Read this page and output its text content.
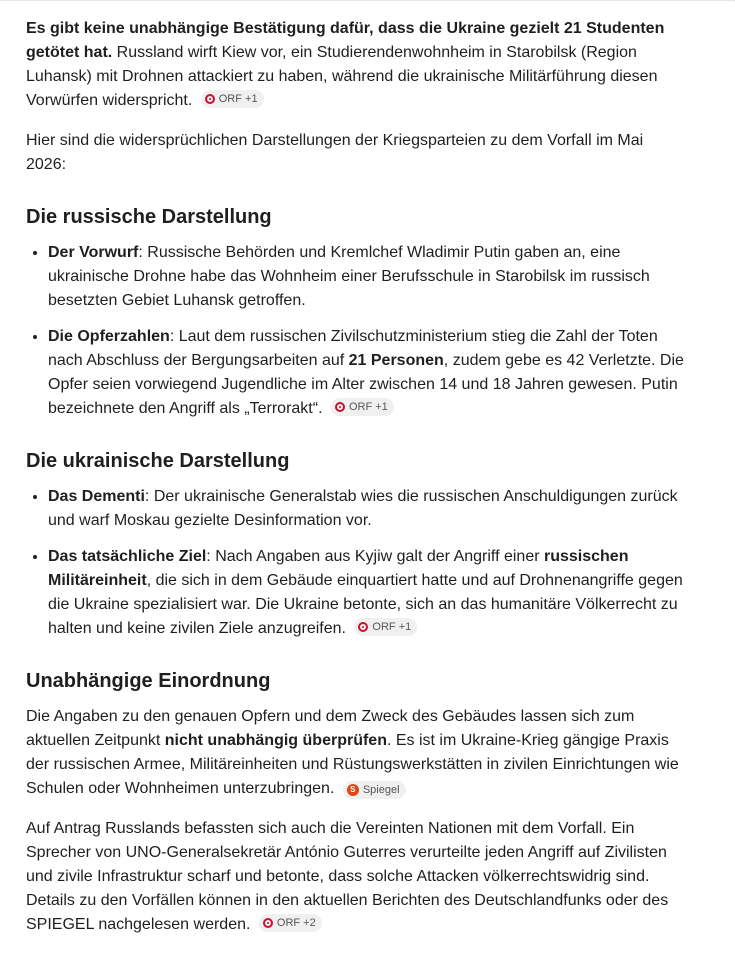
Es gibt keine unabhängige Bestätigung dafür, dass die Ukraine gezielt 21 Studenten getötet hat. Russland wirft Kiew vor, ein Studierendenwohnheim in Starobilsk (Region Luhansk) mit Drohnen attackiert zu haben, während die ukrainische Militärführung diesen Vorwürfen widerspricht. ORF +1

Hier sind die widersprüchlichen Darstellungen der Kriegsparteien zu dem Vorfall im Mai 2026:

Die russische Darstellung
• Der Vorwurf: Russische Behörden und Kremlchef Wladimir Putin gaben an, eine ukrainische Drohne habe das Wohnheim einer Berufsschule in Starobilsk im russisch besetzten Gebiet Luhansk getroffen.
• Die Opferzahlen: Laut dem russischen Zivilschutzministerium stieg die Zahl der Toten nach Abschluss der Bergungsarbeiten auf 21 Personen, zudem gebe es 42 Verletzte. Die Opfer seien vorwiegend Jugendliche im Alter zwischen 14 und 18 Jahren gewesen. Putin bezeichnete den Angriff als „Terrorakt“. ORF +1
Die ukrainische Darstellung
• Das Dementi: Der ukrainische Generalstab wies die russischen Anschuldigungen zurück und warf Moskau gezielte Desinformation vor.
• Das tatsächliche Ziel: Nach Angaben aus Kyjiw galt der Angriff einer russischen Militäreinheit, die sich in dem Gebäude einquartiert hatte und auf Drohnenangriffe gegen die Ukraine spezialisiert war. Die Ukraine betonte, sich an das humanitäre Völkerrecht zu halten und keine zivilen Ziele anzugreifen. ORF +1
Unabhängige Einordnung

Die Angaben zu den genauen Opfern und dem Zweck des Gebäudes lassen sich zum aktuellen Zeitpunkt nicht unabhängig überprüfen. Es ist im Ukraine-Krieg gängige Praxis der russischen Armee, Militäreinheiten und Rüstungswerkstätten in zivilen Einrichtungen wie Schulen oder Wohnheimen unterzubringen.	S Spiegel

Auf Antrag Russlands befassten sich auch die Vereinten Nationen mit dem Vorfall. Ein Sprecher von UNO-Generalsekretär António Guterres verurteilte jeden Angriff auf Zivilisten und zivile Infrastruktur scharf und betonte, dass solche Attacken völkerrechtswidrig sind. Details zu den Vorfällen können in den aktuellen Berichten des Deutschlandfunks oder des SPIEGEL nachgelesen werden. ORF +2
